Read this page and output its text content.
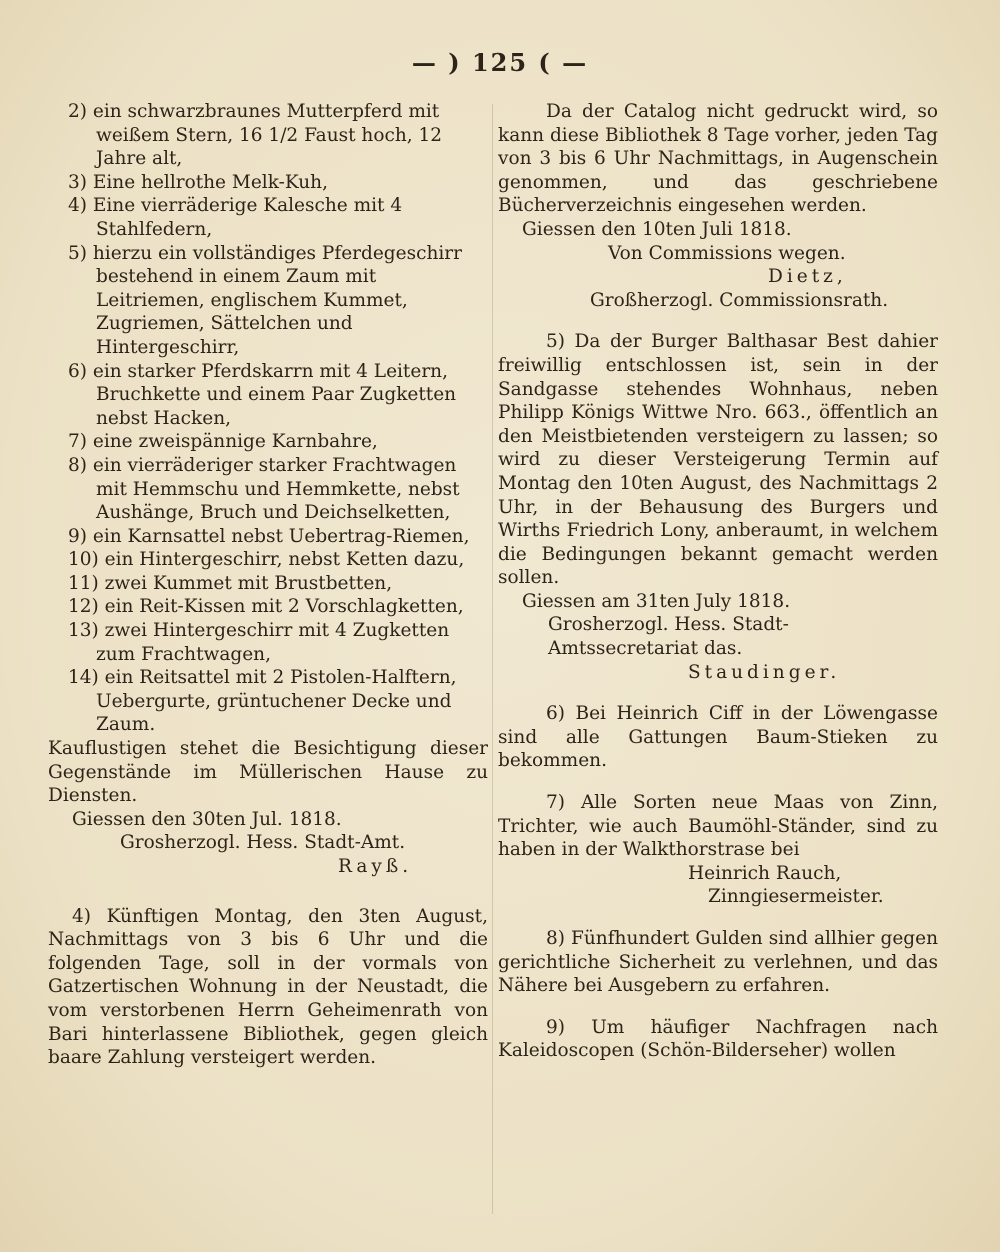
— ) 125 ( —

2) ein schwarzbraunes Mutterpferd mit weißem Stern, 16 1/2 Faust hoch, 12 Jahre alt,

3) Eine hellrothe Melk-Kuh,

4) Eine vierräderige Kalesche mit 4 Stahlfedern,

5) hierzu ein vollständiges Pferdegeschirr bestehend in einem Zaum mit Leitriemen, englischem Kummet, Zugriemen, Sättelchen und Hintergeschirr,

6) ein starker Pferdskarrn mit 4 Leitern, Bruchkette und einem Paar Zugketten nebst Hacken,

7) eine zweispännige Karnbahre,

8) ein vierräderiger starker Frachtwagen mit Hemmschu und Hemmkette, nebst Aushänge, Bruch und Deichselketten,

9) ein Karnsattel nebst Uebertrag-Riemen,

10) ein Hintergeschirr, nebst Ketten dazu,

11) zwei Kummet mit Brustbetten,

12) ein Reit-Kissen mit 2 Vorschlagketten,

13) zwei Hintergeschirr mit 4 Zugketten zum Frachtwagen,

14) ein Reitsattel mit 2 Pistolen-Halftern, Uebergurte, grüntuchener Decke und Zaum.

Kauflustigen stehet die Besichtigung dieser Gegenstände im Müllerischen Hause zu Diensten.

Giessen den 30ten Jul. 1818.

Grosherzogl. Hess. Stadt-Amt.

Rayß.

4) Künftigen Montag, den 3ten August, Nachmittags von 3 bis 6 Uhr und die folgenden Tage, soll in der vormals von Gatzertischen Wohnung in der Neustadt, die vom verstorbenen Herrn Geheimenrath von Bari hinterlassene Bibliothek, gegen gleich baare Zahlung versteigert werden.

Da der Catalog nicht gedruckt wird, so kann diese Bibliothek 8 Tage vorher, jeden Tag von 3 bis 6 Uhr Nachmittags, in Augenschein genommen, und das geschriebene Bücherverzeichnis eingesehen werden.

Giessen den 10ten Juli 1818.

Von Commissions wegen.

Dietz,

Großherzogl. Commissionsrath.

5) Da der Burger Balthasar Best dahier freiwillig entschlossen ist, sein in der Sandgasse stehendes Wohnhaus, neben Philipp Königs Wittwe Nro. 663., öffentlich an den Meistbietenden versteigern zu lassen; so wird zu dieser Versteigerung Termin auf Montag den 10ten August, des Nachmittags 2 Uhr, in der Behausung des Burgers und Wirths Friedrich Lony, anberaumt, in welchem die Bedingungen bekannt gemacht werden sollen.

Giessen am 31ten July 1818.

Grosherzogl. Hess. Stadt-Amtssecretariat das.

Staudinger.

6) Bei Heinrich Ciff in der Löwengasse sind alle Gattungen Baum-Stieken zu bekommen.

7) Alle Sorten neue Maas von Zinn, Trichter, wie auch Baumöhl-Ständer, sind zu haben in der Walkthorstrase bei

Heinrich Rauch,

Zinngiesermeister.

8) Fünfhundert Gulden sind allhier gegen gerichtliche Sicherheit zu verlehnen, und das Nähere bei Ausgebern zu erfahren.

9) Um häufiger Nachfragen nach Kaleidoscopen (Schön-Bilderseher) wollen
